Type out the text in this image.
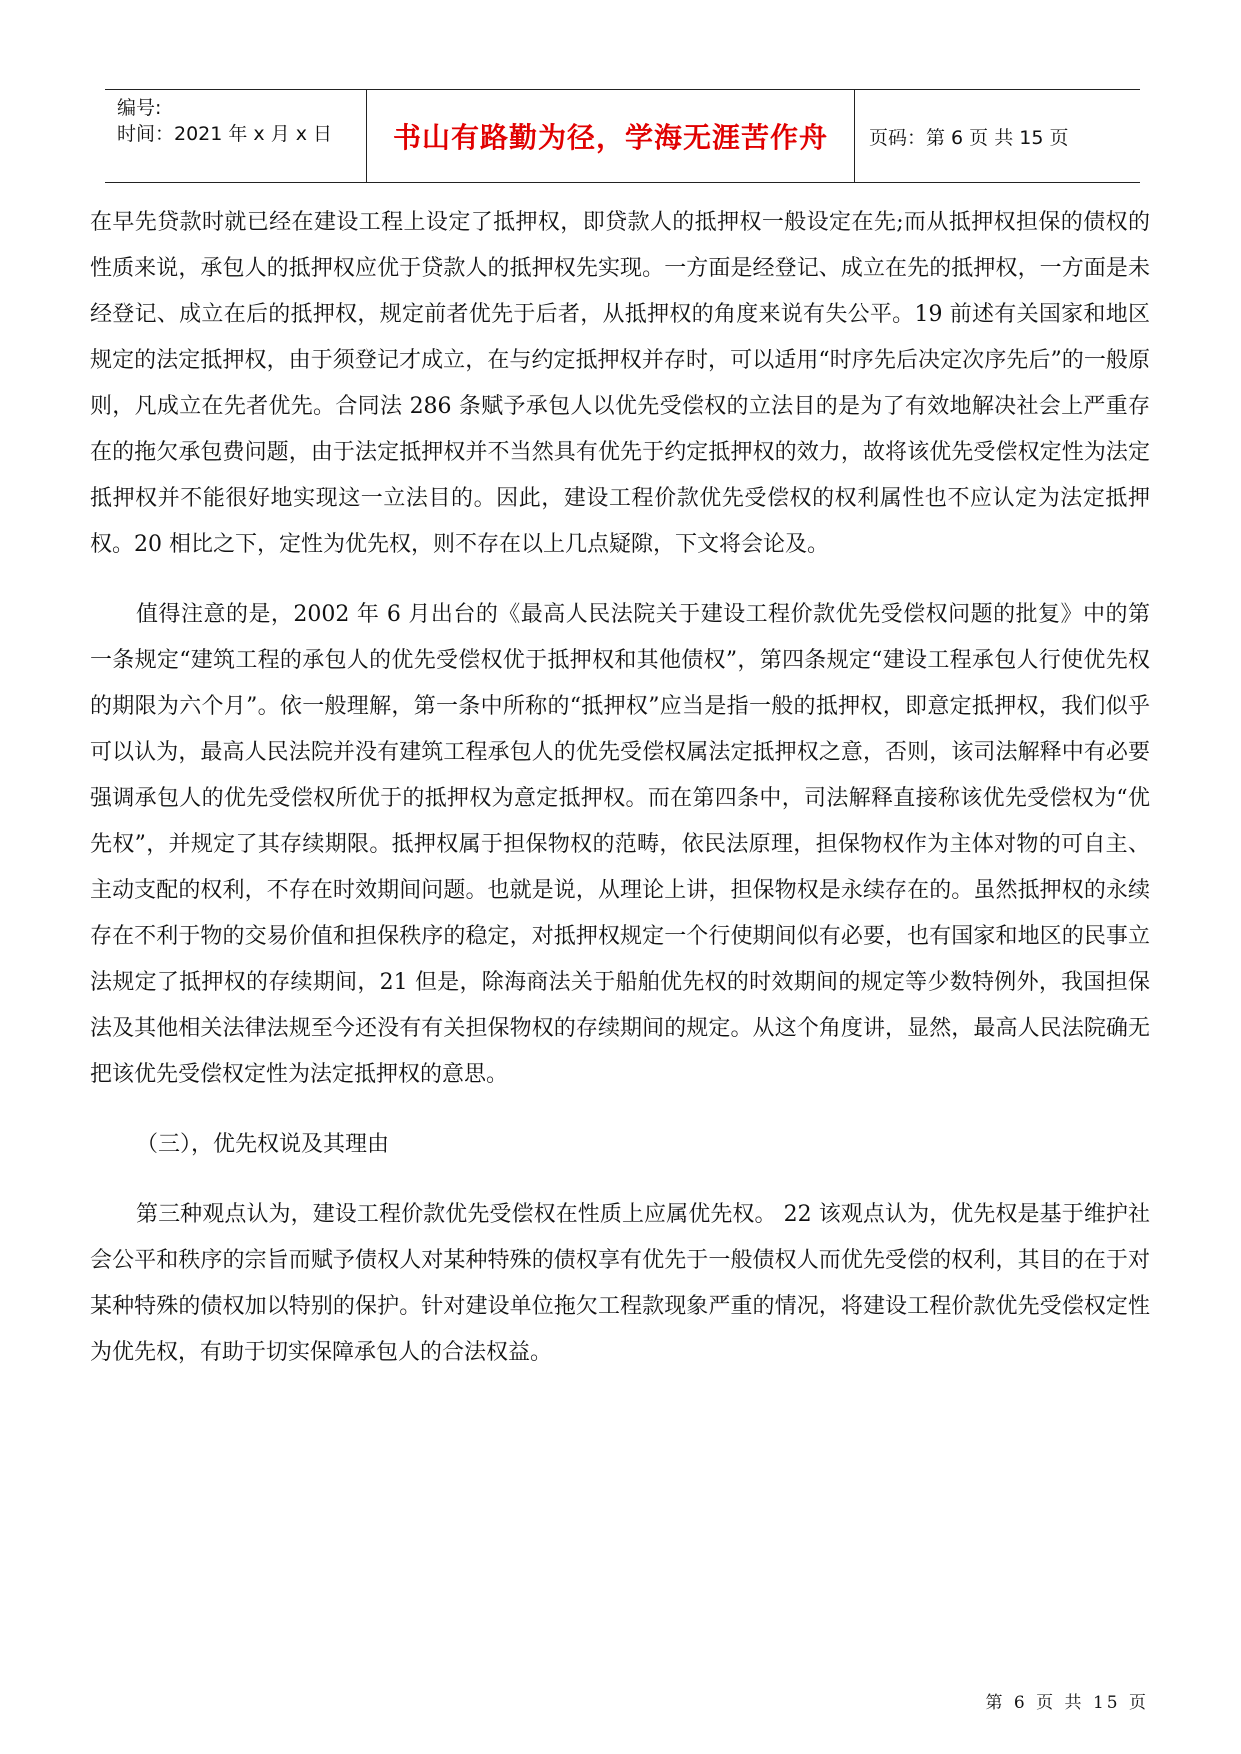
编号:
时间：2021 年 x 月 x 日 书山有路勤为径，学海无涯苦作舟 页码：第 6 页 共 15 页

在早先贷款时就已经在建设工程上设定了抵押权，即贷款人的抵押权一般设定在先;而从抵押权担保的债权的性质来说，承包人的抵押权应优于贷款人的抵押权先实现。一方面是经登记、成立在先的抵押权，一方面是未经登记、成立在后的抵押权，规定前者优先于后者，从抵押权的角度来说有失公平。19 前述有关国家和地区规定的法定抵押权，由于须登记才成立，在与约定抵押权并存时，可以适用“时序先后决定次序先后”的一般原则，凡成立在先者优先。合同法 286 条赋予承包人以优先受偿权的立法目的是为了有效地解决社会上严重存在的拖欠承包费问题，由于法定抵押权并不当然具有优先于约定抵押权的效力，故将该优先受偿权定性为法定抵押权并不能很好地实现这一立法目的。因此，建设工程价款优先受偿权的权利属性也不应认定为法定抵押权。20 相比之下，定性为优先权，则不存在以上几点疑隙，下文将会论及。

值得注意的是，2002 年 6 月出台的《最高人民法院关于建设工程价款优先受偿权问题的批复》中的第一条规定“建筑工程的承包人的优先受偿权优于抵押权和其他债权”，第四条规定“建设工程承包人行使优先权的期限为六个月”。依一般理解，第一条中所称的“抵押权”应当是指一般的抵押权，即意定抵押权，我们似乎可以认为，最高人民法院并没有建筑工程承包人的优先受偿权属法定抵押权之意，否则，该司法解释中有必要强调承包人的优先受偿权所优于的抵押权为意定抵押权。而在第四条中，司法解释直接称该优先受偿权为“优先权”，并规定了其存续期限。抵押权属于担保物权的范畴，依民法原理，担保物权作为主体对物的可自主、主动支配的权利，不存在时效期间问题。也就是说，从理论上讲，担保物权是永续存在的。虽然抵押权的永续存在不利于物的交易价值和担保秩序的稳定，对抵押权规定一个行使期间似有必要，也有国家和地区的民事立法规定了抵押权的存续期间，21 但是，除海商法关于船舶优先权的时效期间的规定等少数特例外，我国担保法及其他相关法律法规至今还没有有关担保物权的存续期间的规定。从这个角度讲，显然，最高人民法院确无把该优先受偿权定性为法定抵押权的意思。

（三），优先权说及其理由

第三种观点认为，建设工程价款优先受偿权在性质上应属优先权。 22 该观点认为，优先权是基于维护社会公平和秩序的宗旨而赋予债权人对某种特殊的债权享有优先于一般债权人而优先受偿的权利，其目的在于对某种特殊的债权加以特别的保护。针对建设单位拖欠工程款现象严重的情况，将建设工程价款优先受偿权定性为优先权，有助于切实保障承包人的合法权益。

第 6 页 共 15 页
